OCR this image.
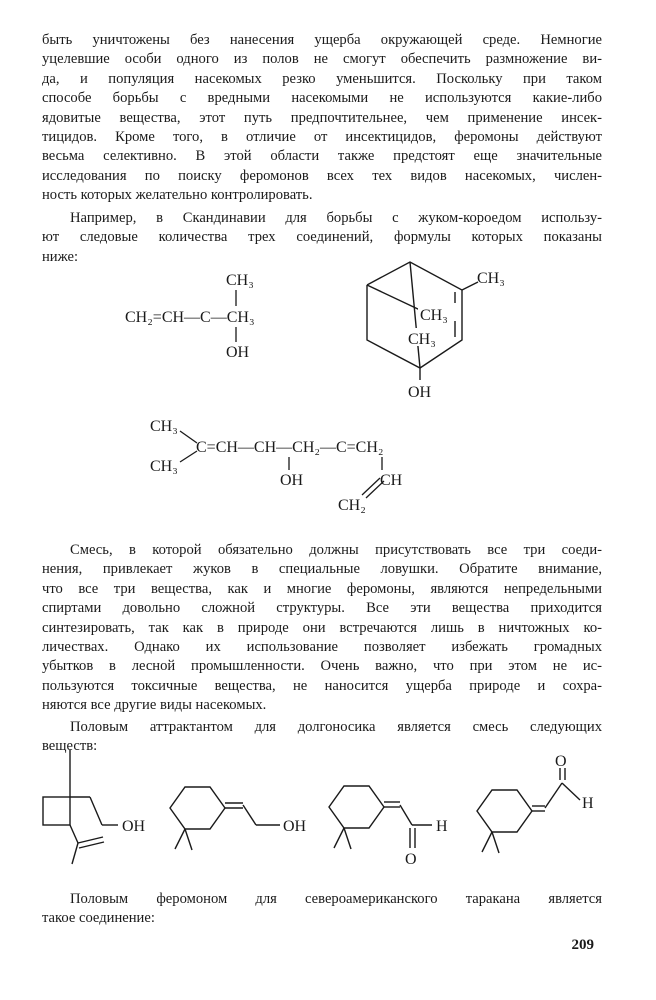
быть уничтожены без нанесения ущерба окружающей среде. Немногие
уцелевшие особи одного из полов не смогут обеспечить размножение ви-
да, и популяция насекомых резко уменьшится. Поскольку при таком
способе борьбы с вредными насекомыми не используются какие-либо
ядовитые вещества, этот путь предпочтительнее, чем применение инсек-
тицидов. Кроме того, в отличие от инсектицидов, феромоны действуют
весьма селективно. В этой области также предстоят еще значительные
исследования по поиску феромонов всех тех видов насекомых, числен-
ность которых желательно контролировать.
Например, в Скандинавии для борьбы с жуком-короедом использу-
ют следовые количества трех соединений, формулы которых показаны
ниже:
CH₃
CH₂=CH—C—CH₃
OH
CH₃
CH₃
CH₃
OH
CH₃
CH₃
C=CH—CH—CH₂—C=CH₂
OH	CH
CH₂
OH	OH	H
O
O
H
Смесь, в которой обязательно должны присутствовать все три соеди-
нения, привлекает жуков в специальные ловушки. Обратите внимание,
что все три вещества, как и многие феромоны, являются непредельными
спиртами довольно сложной структуры. Все эти вещества приходится
синтезировать, так как в природе они встречаются лишь в ничтожных ко-
личествах. Однако их использование позволяет избежать громадных
убытков в лесной промышленности. Очень важно, что при этом не ис-
пользуются токсичные вещества, не наносится ущерба природе и сохра-
няются все другие виды насекомых.
Половым аттрактантом для долгоносика является смесь следующих
веществ:
Половым феромоном для североамериканского таракана является
такое соединение:
209
